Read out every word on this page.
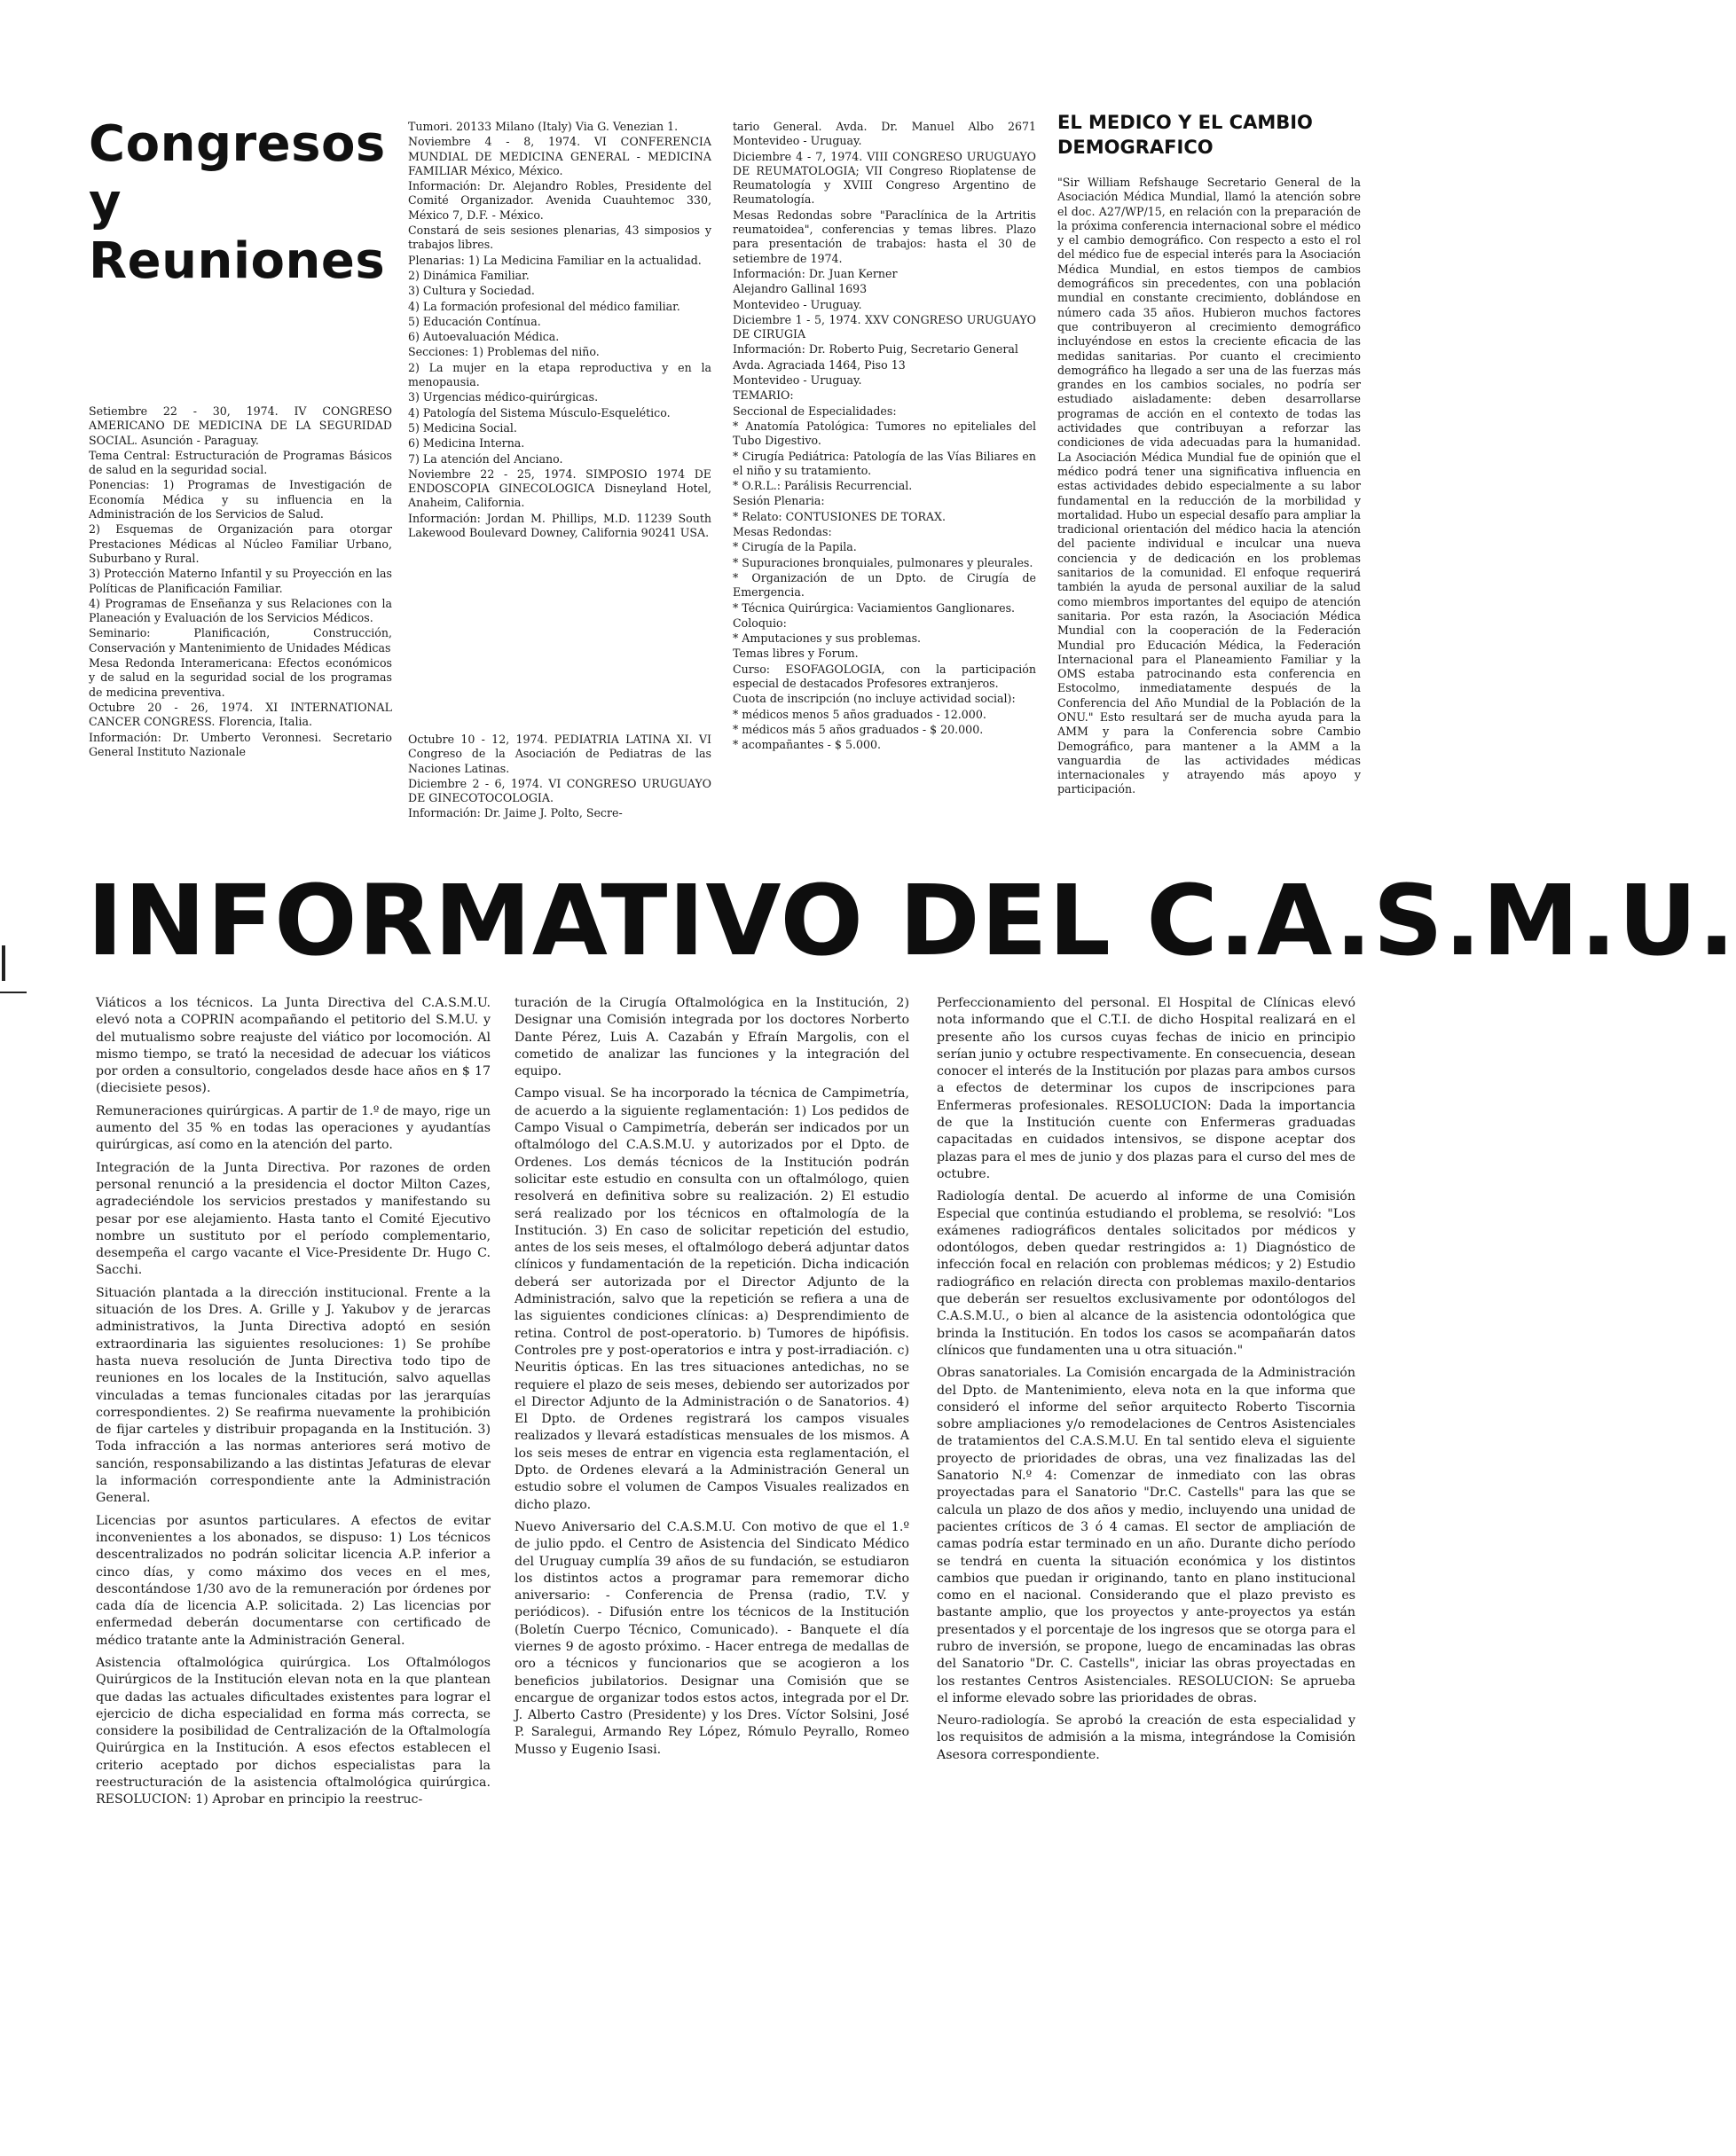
Congresos
y
Reuniones

Setiembre 22 - 30, 1974. IV CONGRESO AMERICANO DE MEDICINA DE LA SEGURIDAD SOCIAL. Asunción - Paraguay.

Tema Central: Estructuración de Programas Básicos de salud en la seguridad social.

Ponencias: 1) Programas de Investigación de Economía Médica y su influencia en la Administración de los Servicios de Salud.

2) Esquemas de Organización para otorgar Prestaciones Médicas al Núcleo Familiar Urbano, Suburbano y Rural.

3) Protección Materno Infantil y su Proyección en las Políticas de Planificación Familiar.

4) Programas de Enseñanza y sus Relaciones con la Planeación y Evaluación de los Servicios Médicos.

Seminario: Planificación, Construcción, Conservación y Mantenimiento de Unidades Médicas

Mesa Redonda Interamericana: Efectos económicos y de salud en la seguridad social de los programas de medicina preventiva.

Octubre 20 - 26, 1974. XI INTERNATIONAL CANCER CONGRESS. Florencia, Italia.

Información: Dr. Umberto Veronnesi. Secretario General Instituto Nazionale

Tumori. 20133 Milano (Italy) Via G. Venezian 1.

Noviembre 4 - 8, 1974. VI CONFERENCIA MUNDIAL DE MEDICINA GENERAL - MEDICINA FAMILIAR México, México.

Información: Dr. Alejandro Robles, Presidente del Comité Organizador. Avenida Cuauhtemoc 330, México 7, D.F. - México.

Constará de seis sesiones plenarias, 43 simposios y trabajos libres.

Plenarias: 1) La Medicina Familiar en la actualidad.

2) Dinámica Familiar.

3) Cultura y Sociedad.

4) La formación profesional del médico familiar.

5) Educación Contínua.

6) Autoevaluación Médica.

Secciones: 1) Problemas del niño.

2) La mujer en la etapa reproductiva y en la menopausia.

3) Urgencias médico-quirúrgicas.

4) Patología del Sistema Músculo-Esquelético.

5) Medicina Social.

6) Medicina Interna.

7) La atención del Anciano.

Noviembre 22 - 25, 1974. SIMPOSIO 1974 DE ENDOSCOPIA GINECOLOGICA Disneyland Hotel, Anaheim, California.

Información: Jordan M. Phillips, M.D. 11239 South Lakewood Boulevard Downey, California 90241 USA.

Octubre 10 - 12, 1974. PEDIATRIA LATINA XI. VI Congreso de la Asociación de Pediatras de las Naciones Latinas.

Diciembre 2 - 6, 1974. VI CONGRESO URUGUAYO DE GINECOTOCOLOGIA.

Información: Dr. Jaime J. Polto, Secre-

tario General. Avda. Dr. Manuel Albo 2671 Montevideo - Uruguay.

Diciembre 4 - 7, 1974. VIII CONGRESO URUGUAYO DE REUMATOLOGIA; VII Congreso Rioplatense de Reumatología y XVIII Congreso Argentino de Reumatología.

Mesas Redondas sobre "Paraclínica de la Artritis reumatoidea", conferencias y temas libres. Plazo para presentación de trabajos: hasta el 30 de setiembre de 1974.

Información: Dr. Juan Kerner

Alejandro Gallinal 1693

Montevideo - Uruguay.

Diciembre 1 - 5, 1974. XXV CONGRESO URUGUAYO DE CIRUGIA

Información: Dr. Roberto Puig, Secretario General

Avda. Agraciada 1464, Piso 13

Montevideo - Uruguay.

TEMARIO:

Seccional de Especialidades:

* Anatomía Patológica: Tumores no epiteliales del Tubo Digestivo.

* Cirugía Pediátrica: Patología de las Vías Biliares en el niño y su tratamiento.

* O.R.L.: Parálisis Recurrencial.

Sesión Plenaria:

* Relato: CONTUSIONES DE TORAX.

Mesas Redondas:

* Cirugía de la Papila.

* Supuraciones bronquiales, pulmonares y pleurales.

* Organización de un Dpto. de Cirugía de Emergencia.

* Técnica Quirúrgica: Vaciamientos Ganglionares.

Coloquio:

* Amputaciones y sus problemas.

Temas libres y Forum.

Curso: ESOFAGOLOGIA, con la participación especial de destacados Profesores extranjeros.

Cuota de inscripción (no incluye actividad social):

* médicos menos 5 años graduados - 12.000.

* médicos más 5 años graduados - $ 20.000.

* acompañantes - $ 5.000.

EL MEDICO Y EL CAMBIO DEMOGRAFICO

"Sir William Refshauge Secretario General de la Asociación Médica Mundial, llamó la atención sobre el doc. A27/WP/15, en relación con la preparación de la próxima conferencia internacional sobre el médico y el cambio demográfico. Con respecto a esto el rol del médico fue de especial interés para la Asociación Médica Mundial, en estos tiempos de cambios demográficos sin precedentes, con una población mundial en constante crecimiento, doblándose en número cada 35 años. Hubieron muchos factores que contribuyeron al crecimiento demográfico incluyéndose en estos la creciente eficacia de las medidas sanitarias. Por cuanto el crecimiento demográfico ha llegado a ser una de las fuerzas más grandes en los cambios sociales, no podría ser estudiado aisladamente: deben desarrollarse programas de acción en el contexto de todas las actividades que contribuyan a reforzar las condiciones de vida adecuadas para la humanidad. La Asociación Médica Mundial fue de opinión que el médico podrá tener una significativa influencia en estas actividades debido especialmente a su labor fundamental en la reducción de la morbilidad y mortalidad. Hubo un especial desafío para ampliar la tradicional orientación del médico hacia la atención del paciente individual e inculcar una nueva conciencia y de dedicación en los problemas sanitarios de la comunidad. El enfoque requerirá también la ayuda de personal auxiliar de la salud como miembros importantes del equipo de atención sanitaria. Por esta razón, la Asociación Médica Mundial con la cooperación de la Federación Mundial pro Educación Médica, la Federación Internacional para el Planeamiento Familiar y la OMS estaba patrocinando esta conferencia en Estocolmo, inmediatamente después de la Conferencia del Año Mundial de la Población de la ONU." Esto resultará ser de mucha ayuda para la AMM y para la Conferencia sobre Cambio Demográfico, para mantener a la AMM a la vanguardia de las actividades médicas internacionales y atrayendo más apoyo y participación.

INFORMATIVO DEL C.A.S.M.U.

Viáticos a los técnicos. La Junta Directiva del C.A.S.M.U. elevó nota a COPRIN acompañando el petitorio del S.M.U. y del mutualismo sobre reajuste del viático por locomoción. Al mismo tiempo, se trató la necesidad de adecuar los viáticos por orden a consultorio, congelados desde hace años en $ 17 (diecisiete pesos).

Remuneraciones quirúrgicas. A partir de 1.º de mayo, rige un aumento del 35 % en todas las operaciones y ayudantías quirúrgicas, así como en la atención del parto.

Integración de la Junta Directiva. Por razones de orden personal renunció a la presidencia el doctor Milton Cazes, agradeciéndole los servicios prestados y manifestando su pesar por ese alejamiento. Hasta tanto el Comité Ejecutivo nombre un sustituto por el período complementario, desempeña el cargo vacante el Vice-Presidente Dr. Hugo C. Sacchi.

Situación plantada a la dirección institucional. Frente a la situación de los Dres. A. Grille y J. Yakubov y de jerarcas administrativos, la Junta Directiva adoptó en sesión extraordinaria las siguientes resoluciones: 1) Se prohíbe hasta nueva resolución de Junta Directiva todo tipo de reuniones en los locales de la Institución, salvo aquellas vinculadas a temas funcionales citadas por las jerarquías correspondientes. 2) Se reafirma nuevamente la prohibición de fijar carteles y distribuir propaganda en la Institución. 3) Toda infracción a las normas anteriores será motivo de sanción, responsabilizando a las distintas Jefaturas de elevar la información correspondiente ante la Administración General.

Licencias por asuntos particulares. A efectos de evitar inconvenientes a los abonados, se dispuso: 1) Los técnicos descentralizados no podrán solicitar licencia A.P. inferior a cinco días, y como máximo dos veces en el mes, descontándose 1/30 avo de la remuneración por órdenes por cada día de licencia A.P. solicitada. 2) Las licencias por enfermedad deberán documentarse con certificado de médico tratante ante la Administración General.

Asistencia oftalmológica quirúrgica. Los Oftalmólogos Quirúrgicos de la Institución elevan nota en la que plantean que dadas las actuales dificultades existentes para lograr el ejercicio de dicha especialidad en forma más correcta, se considere la posibilidad de Centralización de la Oftalmología Quirúrgica en la Institución. A esos efectos establecen el criterio aceptado por dichos especialistas para la reestructuración de la asistencia oftalmológica quirúrgica. RESOLUCION: 1) Aprobar en principio la reestruc-

turación de la Cirugía Oftalmológica en la Institución, 2) Designar una Comisión integrada por los doctores Norberto Dante Pérez, Luis A. Cazabán y Efraín Margolis, con el cometido de analizar las funciones y la integración del equipo.

Campo visual. Se ha incorporado la técnica de Campimetría, de acuerdo a la siguiente reglamentación: 1) Los pedidos de Campo Visual o Campimetría, deberán ser indicados por un oftalmólogo del C.A.S.M.U. y autorizados por el Dpto. de Ordenes. Los demás técnicos de la Institución podrán solicitar este estudio en consulta con un oftalmólogo, quien resolverá en definitiva sobre su realización. 2) El estudio será realizado por los técnicos en oftalmología de la Institución. 3) En caso de solicitar repetición del estudio, antes de los seis meses, el oftalmólogo deberá adjuntar datos clínicos y fundamentación de la repetición. Dicha indicación deberá ser autorizada por el Director Adjunto de la Administración, salvo que la repetición se refiera a una de las siguientes condiciones clínicas: a) Desprendimiento de retina. Control de post-operatorio. b) Tumores de hipófisis. Controles pre y post-operatorios e intra y post-irradiación. c) Neuritis ópticas. En las tres situaciones antedichas, no se requiere el plazo de seis meses, debiendo ser autorizados por el Director Adjunto de la Administración o de Sanatorios. 4) El Dpto. de Ordenes registrará los campos visuales realizados y llevará estadísticas mensuales de los mismos. A los seis meses de entrar en vigencia esta reglamentación, el Dpto. de Ordenes elevará a la Administración General un estudio sobre el volumen de Campos Visuales realizados en dicho plazo.

Nuevo Aniversario del C.A.S.M.U. Con motivo de que el 1.º de julio ppdo. el Centro de Asistencia del Sindicato Médico del Uruguay cumplía 39 años de su fundación, se estudiaron los distintos actos a programar para rememorar dicho aniversario: - Conferencia de Prensa (radio, T.V. y periódicos). - Difusión entre los técnicos de la Institución (Boletín Cuerpo Técnico, Comunicado). - Banquete el día viernes 9 de agosto próximo. - Hacer entrega de medallas de oro a técnicos y funcionarios que se acogieron a los beneficios jubilatorios. Designar una Comisión que se encargue de organizar todos estos actos, integrada por el Dr. J. Alberto Castro (Presidente) y los Dres. Víctor Solsini, José P. Saralegui, Armando Rey López, Rómulo Peyrallo, Romeo Musso y Eugenio Isasi.

Perfeccionamiento del personal. El Hospital de Clínicas elevó nota informando que el C.T.I. de dicho Hospital realizará en el presente año los cursos cuyas fechas de inicio en principio serían junio y octubre respectivamente. En consecuencia, desean conocer el interés de la Institución por plazas para ambos cursos a efectos de determinar los cupos de inscripciones para Enfermeras profesionales. RESOLUCION: Dada la importancia de que la Institución cuente con Enfermeras graduadas capacitadas en cuidados intensivos, se dispone aceptar dos plazas para el mes de junio y dos plazas para el curso del mes de octubre.

Radiología dental. De acuerdo al informe de una Comisión Especial que continúa estudiando el problema, se resolvió: "Los exámenes radiográficos dentales solicitados por médicos y odontólogos, deben quedar restringidos a: 1) Diagnóstico de infección focal en relación con problemas médicos; y 2) Estudio radiográfico en relación directa con problemas maxilo-dentarios que deberán ser resueltos exclusivamente por odontólogos del C.A.S.M.U., o bien al alcance de la asistencia odontológica que brinda la Institución. En todos los casos se acompañarán datos clínicos que fundamenten una u otra situación."

Obras sanatoriales. La Comisión encargada de la Administración del Dpto. de Mantenimiento, eleva nota en la que informa que consideró el informe del señor arquitecto Roberto Tiscornia sobre ampliaciones y/o remodelaciones de Centros Asistenciales de tratamientos del C.A.S.M.U. En tal sentido eleva el siguiente proyecto de prioridades de obras, una vez finalizadas las del Sanatorio N.º 4: Comenzar de inmediato con las obras proyectadas para el Sanatorio "Dr.C. Castells" para las que se calcula un plazo de dos años y medio, incluyendo una unidad de pacientes críticos de 3 ó 4 camas. El sector de ampliación de camas podría estar terminado en un año. Durante dicho período se tendrá en cuenta la situación económica y los distintos cambios que puedan ir originando, tanto en plano institucional como en el nacional. Considerando que el plazo previsto es bastante amplio, que los proyectos y ante-proyectos ya están presentados y el porcentaje de los ingresos que se otorga para el rubro de inversión, se propone, luego de encaminadas las obras del Sanatorio "Dr. C. Castells", iniciar las obras proyectadas en los restantes Centros Asistenciales. RESOLUCION: Se aprueba el informe elevado sobre las prioridades de obras.

Neuro-radiología. Se aprobó la creación de esta especialidad y los requisitos de admisión a la misma, integrándose la Comisión Asesora correspondiente.
